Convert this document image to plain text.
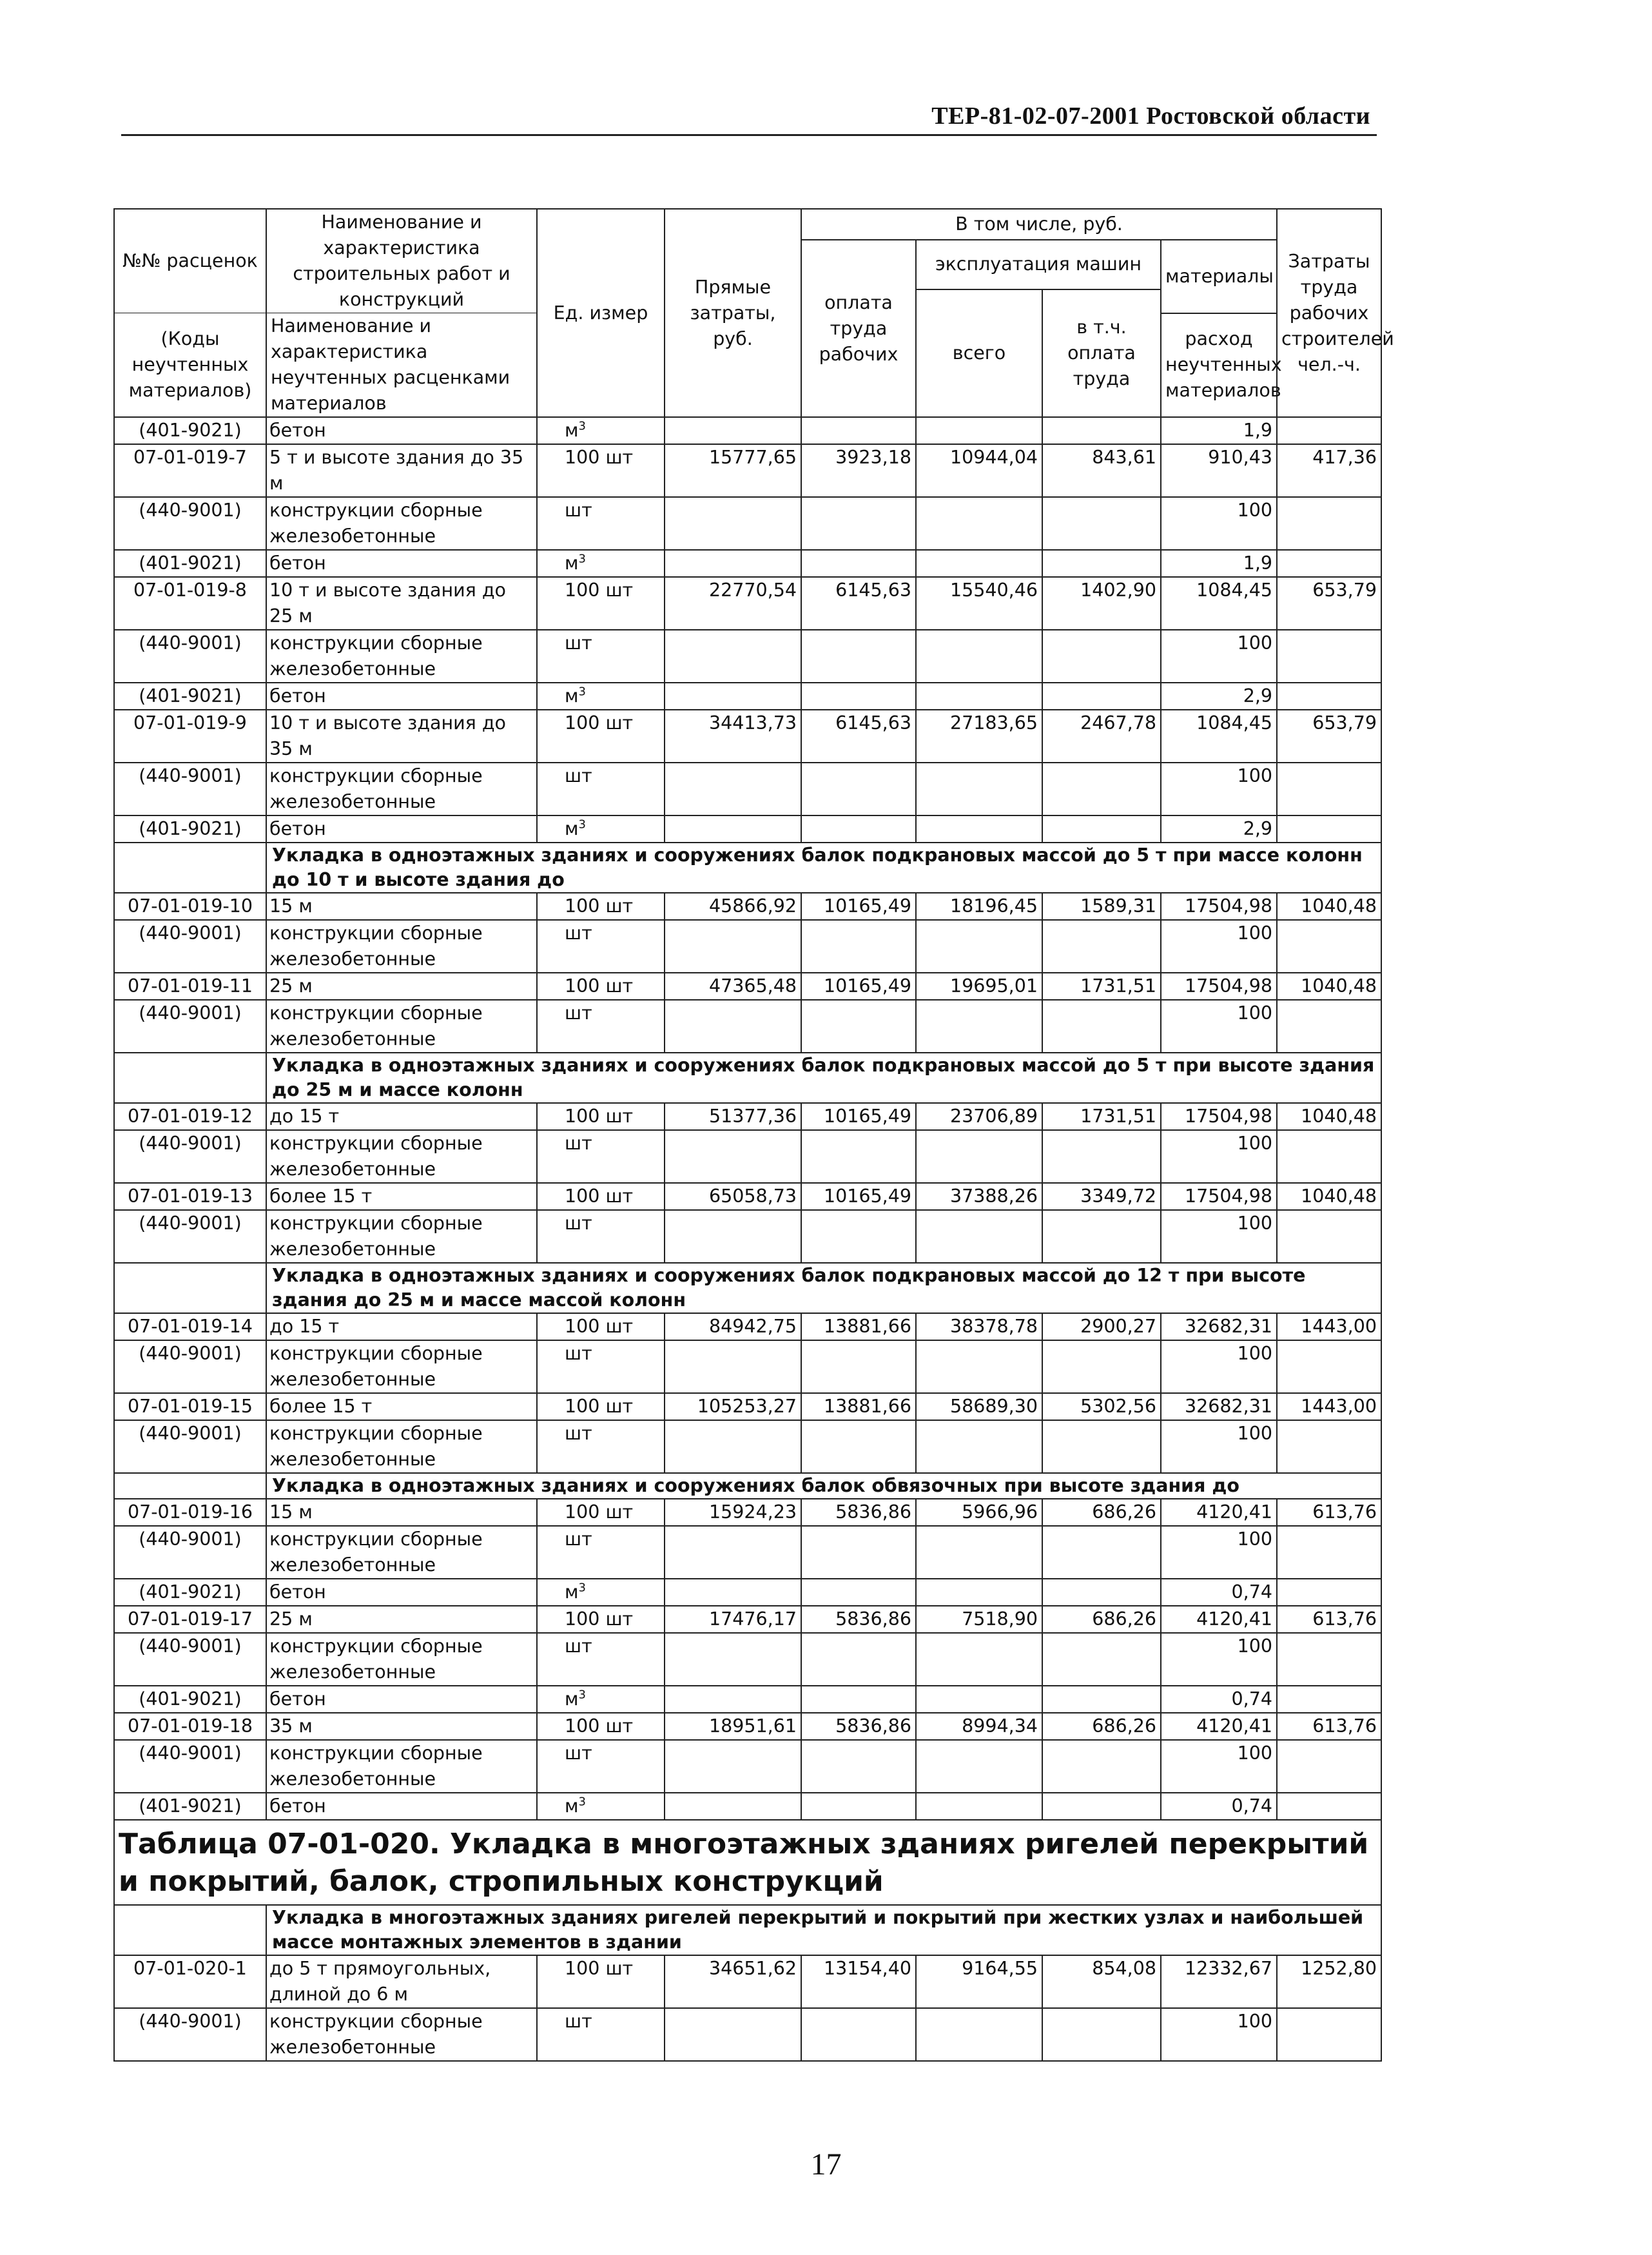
ТЕР-81-02-07-2001 Ростовской области
№№ расценок	Наименование и характеристика строительных работ и конструкций	Ед. измер	Прямые затраты, руб.	В том числе, руб.				Затраты труда рабочих строителей чел.-ч.
				оплата труда рабочих	эксплуатация машин		материалы	
					всего	в т.ч. оплата труда		
(Коды неучтенных материалов)	Наименование и характеристика неучтенных расценками материалов						расход неучтенных материалов	

(401-9021)	бетон	$м^3$					1,9	
07-01-019-7	5 т и высоте здания до 35 м	100 шт	15777,65	3923,18	10944,04	843,61	910,43	417,36
(440-9001)	конструкции сборные железобетонные	шт					100	
(401-9021)	бетон	$м^3$					1,9	
07-01-019-8	10 т и высоте здания до 25 м	100 шт	22770,54	6145,63	15540,46	1402,90	1084,45	653,79
(440-9001)	конструкции сборные железобетонные	шт					100	
(401-9021)	бетон	$м^3$					2,9	
07-01-019-9	10 т и высоте здания до 35 м	100 шт	34413,73	6145,63	27183,65	2467,78	1084,45	653,79
(440-9001)	конструкции сборные железобетонные	шт					100	
(401-9021)	бетон	$м^3$					2,9	
	Укладка в одноэтажных зданиях и сооружениях балок подкрановых массой до 5 т при массе колонн до 10 т и высоте здания до							
07-01-019-10	15 м	100 шт	45866,92	10165,49	18196,45	1589,31	17504,98	1040,48
(440-9001)	конструкции сборные железобетонные	шт					100	
07-01-019-11	25 м	100 шт	47365,48	10165,49	19695,01	1731,51	17504,98	1040,48
(440-9001)	конструкции сборные железобетонные	шт					100	
	Укладка в одноэтажных зданиях и сооружениях балок подкрановых массой до 5 т при высоте здания до 25 м и массе колонн							
07-01-019-12	до 15 т	100 шт	51377,36	10165,49	23706,89	1731,51	17504,98	1040,48
(440-9001)	конструкции сборные железобетонные	шт					100	
07-01-019-13	более 15 т	100 шт	65058,73	10165,49	37388,26	3349,72	17504,98	1040,48
(440-9001)	конструкции сборные железобетонные	шт					100	
	Укладка в одноэтажных зданиях и сооружениях балок подкрановых массой до 12 т при высоте здания до 25 м и массе массой колонн							
07-01-019-14	до 15 т	100 шт	84942,75	13881,66	38378,78	2900,27	32682,31	1443,00
(440-9001)	конструкции сборные железобетонные	шт					100	
07-01-019-15	более 15 т	100 шт	105253,27	13881,66	58689,30	5302,56	32682,31	1443,00
(440-9001)	конструкции сборные железобетонные	шт					100	
	Укладка в одноэтажных зданиях и сооружениях балок обвязочных при высоте здания до							
07-01-019-16	15 м	100 шт	15924,23	5836,86	5966,96	686,26	4120,41	613,76
(440-9001)	конструкции сборные железобетонные	шт					100	
(401-9021)	бетон	$м^3$					0,74	
07-01-019-17	25 м	100 шт	17476,17	5836,86	7518,90	686,26	4120,41	613,76
(440-9001)	конструкции сборные железобетонные	шт					100	
(401-9021)	бетон	$м^3$					0,74	
07-01-019-18	35 м	100 шт	18951,61	5836,86	8994,34	686,26	4120,41	613,76
(440-9001)	конструкции сборные железобетонные	шт					100	
(401-9021)	бетон	$м^3$					0,74	
Таблица 07-01-020. Укладка в многоэтажных зданиях ригелей перекрытий и покрытий, балок, стропильных конструкций								
	Укладка в многоэтажных зданиях ригелей перекрытий и покрытий при жестких узлах и наибольшей массе монтажных элементов в здании							
07-01-020-1	до 5 т прямоугольных, длиной до 6 м	100 шт	34651,62	13154,40	9164,55	854,08	12332,67	1252,80
(440-9001)	конструкции сборные железобетонные	шт					100	
17
